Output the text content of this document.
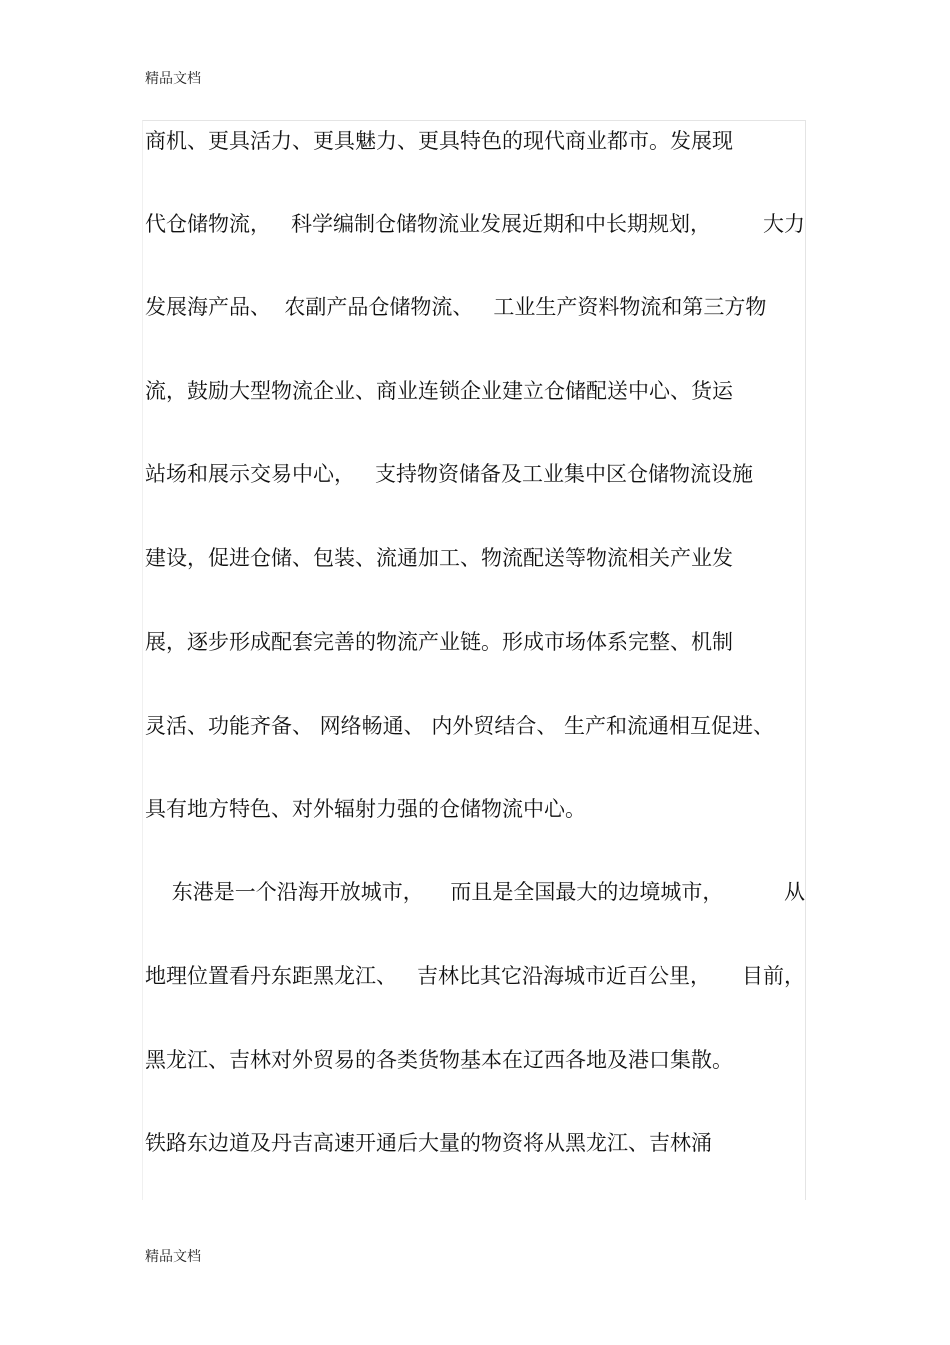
精品文档
商机、更具活力、更具魅力、更具特色的现代商业都市。发展现
代仓储物流，   科学编制仓储物流业发展近期和中长期规划， 大力
发展海产品、  农副产品仓储物流、   工业生产资料物流和第三方物
流，鼓励大型物流企业、商业连锁企业建立仓储配送中心、货运
站场和展示交易中心，   支持物资储备及工业集中区仓储物流设施
建设，促进仓储、包装、流通加工、物流配送等物流相关产业发
展，逐步形成配套完善的物流产业链。形成市场体系完整、机制
灵活、功能齐备、 网络畅通、 内外贸结合、 生产和流通相互促进、
具有地方特色、对外辐射力强的仓储物流中心。
东港是一个沿海开放城市，    而且是全国最大的边境城市，	从
地理位置看丹东距黑龙江、   吉林比其它沿海城市近百公里， 目前，
黑龙江、吉林对外贸易的各类货物基本在辽西各地及港口集散。
铁路东边道及丹吉高速开通后大量的物资将从黑龙江、吉林涌
精品文档
